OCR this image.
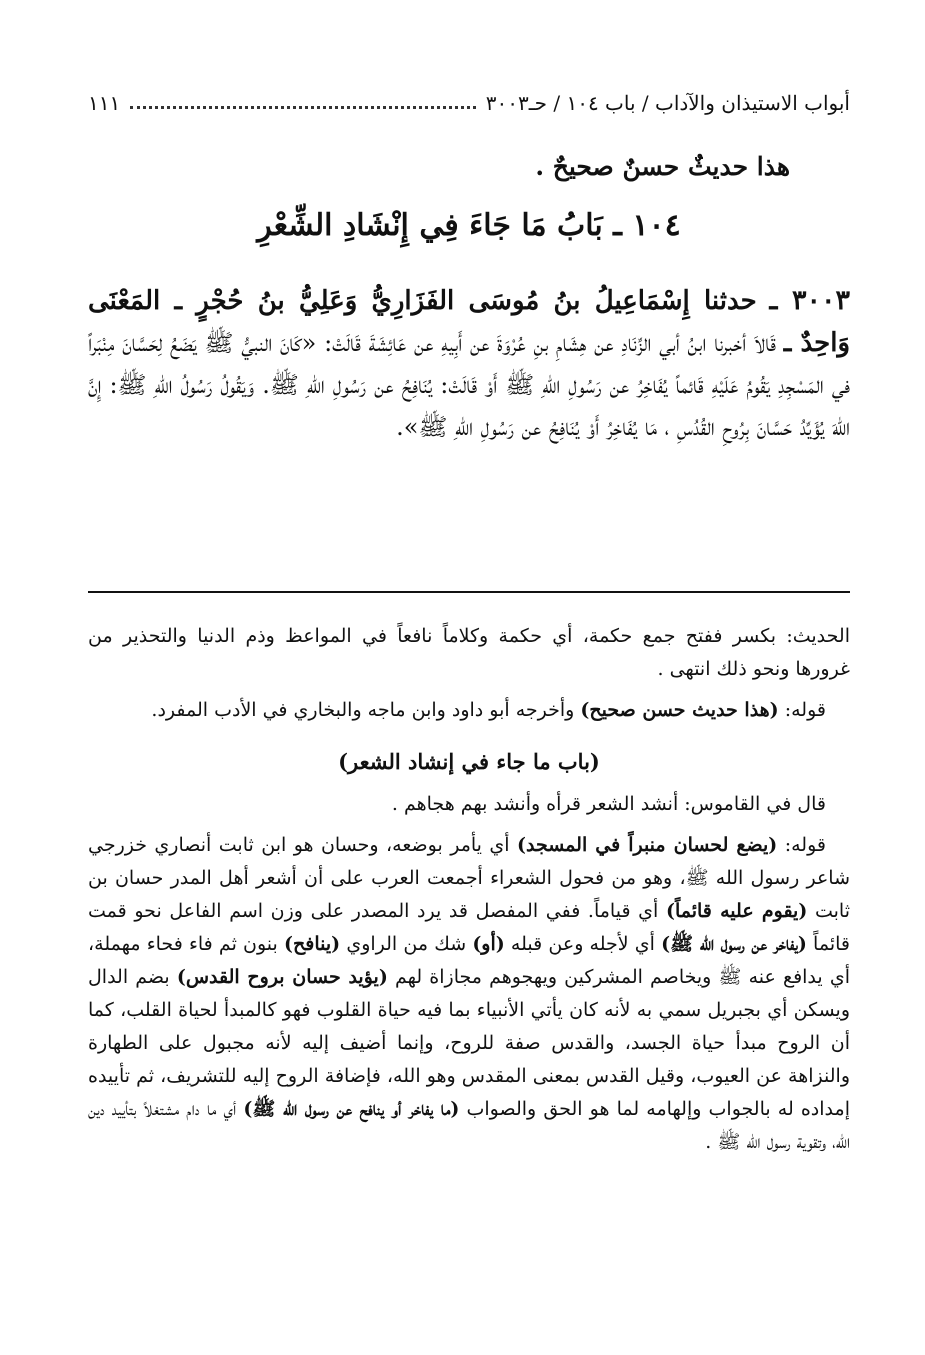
أبواب الاستيذان والآداب / باب ١٠٤ / حـ٣٠٠٣
١١١
هذا حديثٌ حسنٌ صحيحٌ .
١٠٤ ـ بَابُ مَا جَاءَ فِي إِنْشَادِ الشِّعْرِ
٣٠٠٣ ـ حدثنا إِسْمَاعِيلُ بنُ مُوسَى الفَزَارِيُّ وَعَلِيُّ بنُ حُجْرٍ ـ المَعْنَى وَاحِدٌ ـ قَالاَ أخبرنا ابنُ أبي الزِّنَادِ عن هِشَامِ بنِ عُرْوَةَ عن أَبِيهِ عن عَائِشَةَ قَالَتْ: «كَانَ النبيُّ ﷺ يَضَعُ لِحَسَّانَ مِنْبَراً في المَسْجِدِ يَقُومُ عَلَيْهِ قَائماً يُفَاخِرُ عن رَسُولِ اللهِ ﷺ أَوْ قَالَتْ: يُنَافِحُ عن رَسُولِ اللهِ ﷺ. وَيَقُولُ رَسُولُ اللهِ ﷺ: إِنَّ اللهَ يُؤَيِّدُ حَسَّانَ بِرُوحِ القُدُسِ ، مَا يُفَاخِرُ أَوْ يُنَافِحُ عن رَسُولِ اللهِ ﷺ».

الحديث: بكسر ففتح جمع حكمة، أي حكمة وكلاماً نافعاً في المواعظ وذم الدنيا والتحذير من غرورها ونحو ذلك انتهى .

قوله: (هذا حديث حسن صحيح) وأخرجه أبو داود وابن ماجه والبخاري في الأدب المفرد.

(باب ما جاء في إنشاد الشعر)

قال في القاموس: أنشد الشعر قرأه وأنشد بهم هجاهم .

قوله: (يضع لحسان منبراً في المسجد) أي يأمر بوضعه، وحسان هو ابن ثابت أنصاري خزرجي شاعر رسول الله ﷺ، وهو من فحول الشعراء أجمعت العرب على أن أشعر أهل المدر حسان بن ثابت (يقوم عليه قائماً) أي قياماً. ففي المفصل قد يرد المصدر على وزن اسم الفاعل نحو قمت قائماً (يفاخر عن رسول الله ﷺ) أي لأجله وعن قبله (أو) شك من الراوي (ينافح) بنون ثم فاء فحاء مهملة، أي يدافع عنه ﷺ ويخاصم المشركين ويهجوهم مجازاة لهم (يؤيد حسان بروح القدس) بضم الدال ويسكن أي بجبريل سمي به لأنه كان يأتي الأنبياء بما فيه حياة القلوب فهو كالمبدأ لحياة القلب، كما أن الروح مبدأ حياة الجسد، والقدس صفة للروح، وإنما أضيف إليه لأنه مجبول على الطهارة والنزاهة عن العيوب، وقيل القدس بمعنى المقدس وهو الله، فإضافة الروح إليه للتشريف، ثم تأييده إمداده له بالجواب وإلهامه لما هو الحق والصواب (ما يفاخر أو ينافح عن رسول الله ﷺ) أي ما دام مشتغلاً بتأييد دين الله، وتقوية رسول الله ﷺ .
